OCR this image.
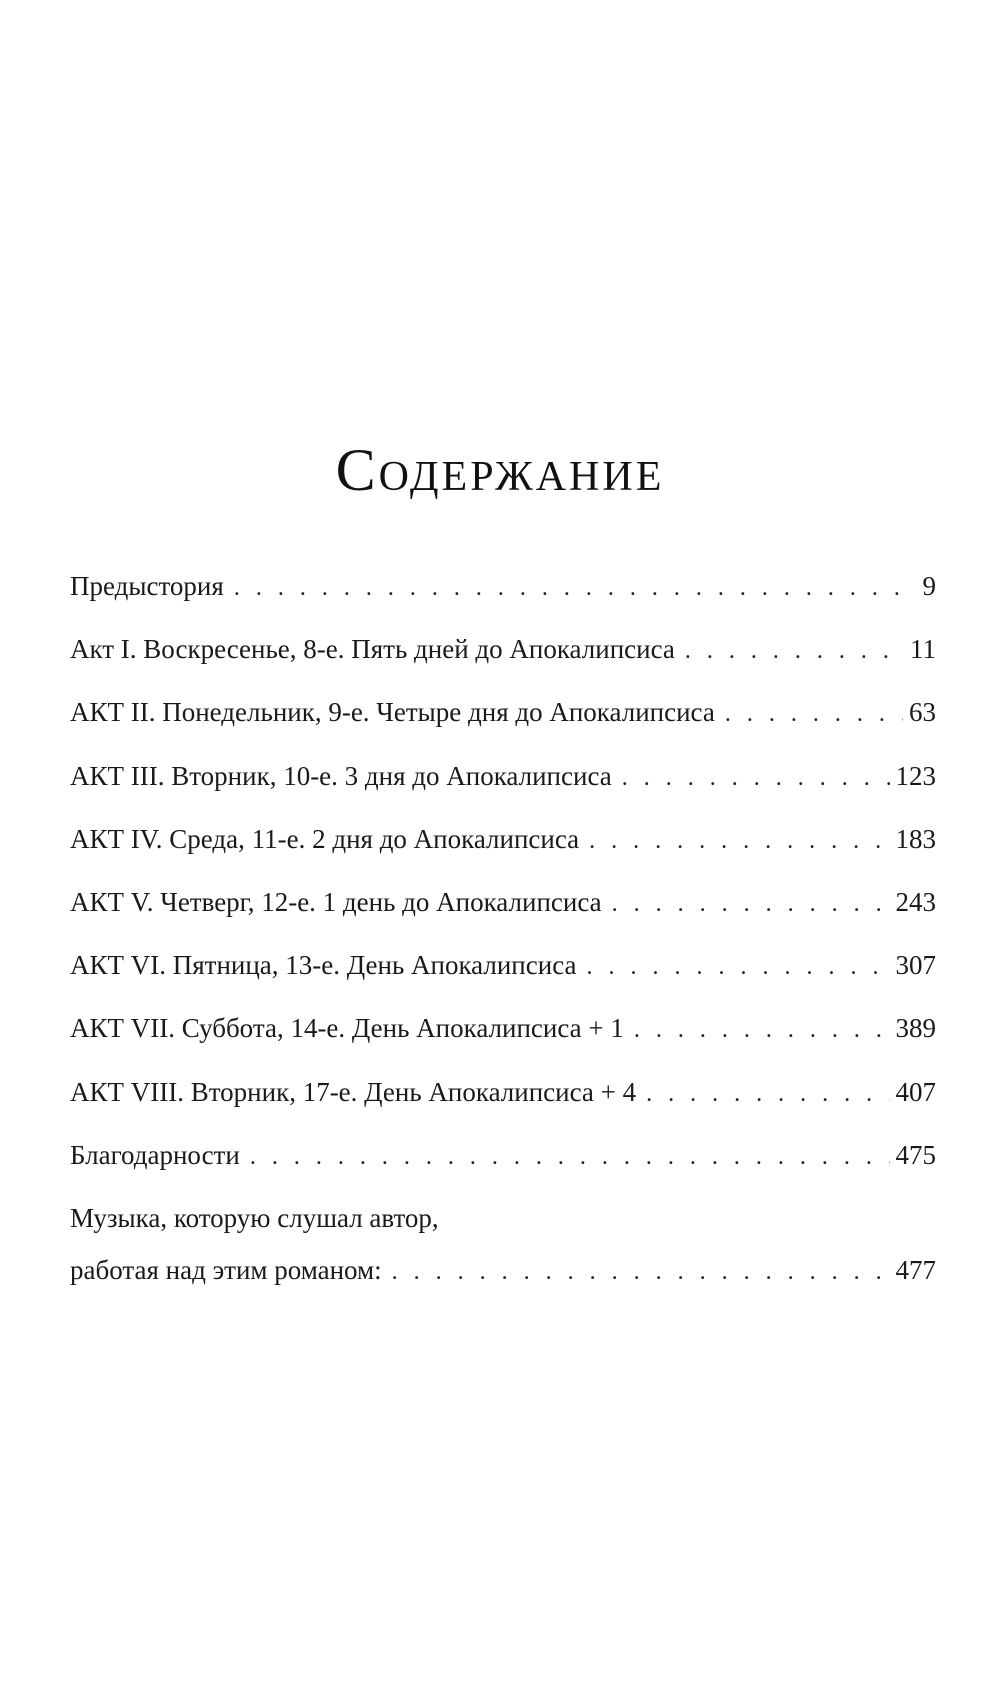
Содержание
Предыстория . . .	9
Акт I. Воскресенье, 8-е. Пять дней до Апокалипсиса . . .	11
АКТ II. Понедельник, 9-е. Четыре дня до Апокалипсиса . . .	63
АКТ III. Вторник, 10-е. 3 дня до Апокалипсиса . . .	123
АКТ IV. Среда, 11-е. 2 дня до Апокалипсиса . . .	183
АКТ V. Четверг, 12-е. 1 день до Апокалипсиса . . .	243
АКТ VI. Пятница, 13-е. День Апокалипсиса . . .	307
АКТ VII. Суббота, 14-е. День Апокалипсиса + 1 . . .	389
АКТ VIII. Вторник, 17-е. День Апокалипсиса + 4 . . .	407
Благодарности . . .	475
Музыка, которую слушал автор,
работая над этим романом: . . .	477
